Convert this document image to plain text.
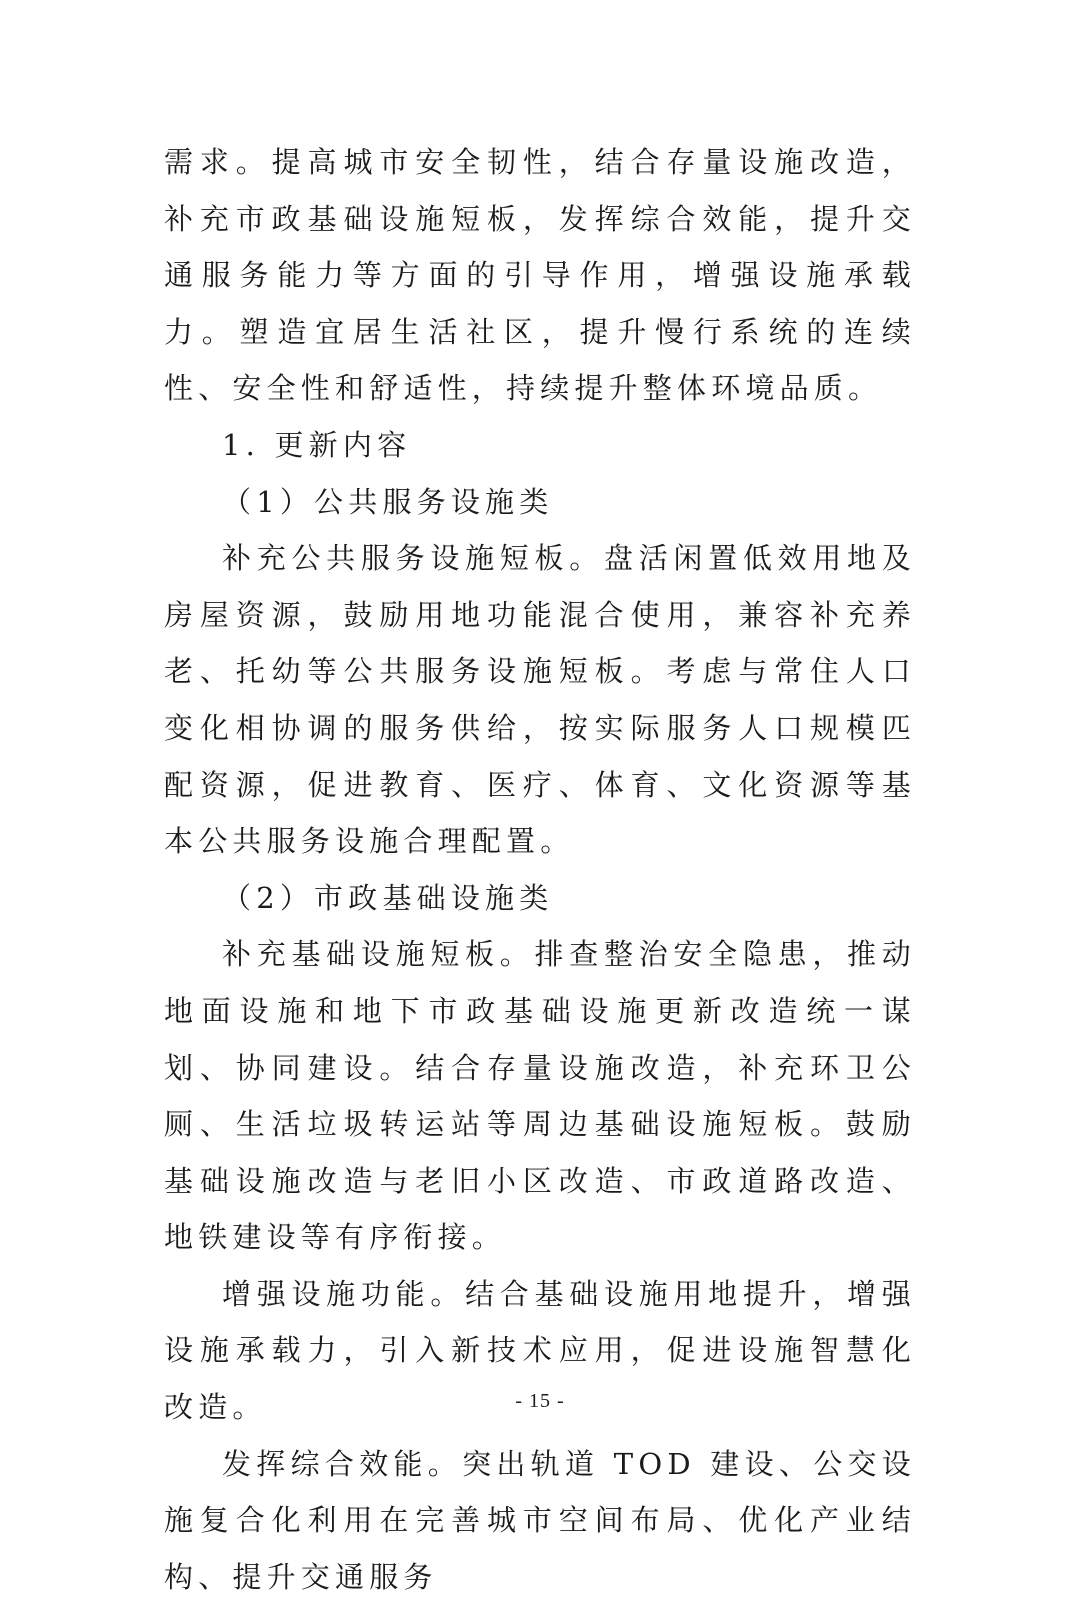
需求。提高城市安全韧性，结合存量设施改造，补充市政基础设施短板，发挥综合效能，提升交通服务能力等方面的引导作用，增强设施承载力。塑造宜居生活社区，提升慢行系统的连续性、安全性和舒适性，持续提升整体环境品质。

1. 更新内容

（1）公共服务设施类

补充公共服务设施短板。盘活闲置低效用地及房屋资源，鼓励用地功能混合使用，兼容补充养老、托幼等公共服务设施短板。考虑与常住人口变化相协调的服务供给，按实际服务人口规模匹配资源，促进教育、医疗、体育、文化资源等基本公共服务设施合理配置。

（2）市政基础设施类

补充基础设施短板。排查整治安全隐患，推动地面设施和地下市政基础设施更新改造统一谋划、协同建设。结合存量设施改造，补充环卫公厕、生活垃圾转运站等周边基础设施短板。鼓励基础设施改造与老旧小区改造、市政道路改造、地铁建设等有序衔接。

增强设施功能。结合基础设施用地提升，增强设施承载力，引入新技术应用，促进设施智慧化改造。

发挥综合效能。突出轨道 TOD 建设、公交设施复合化利用在完善城市空间布局、优化产业结构、提升交通服务

- 15 -
